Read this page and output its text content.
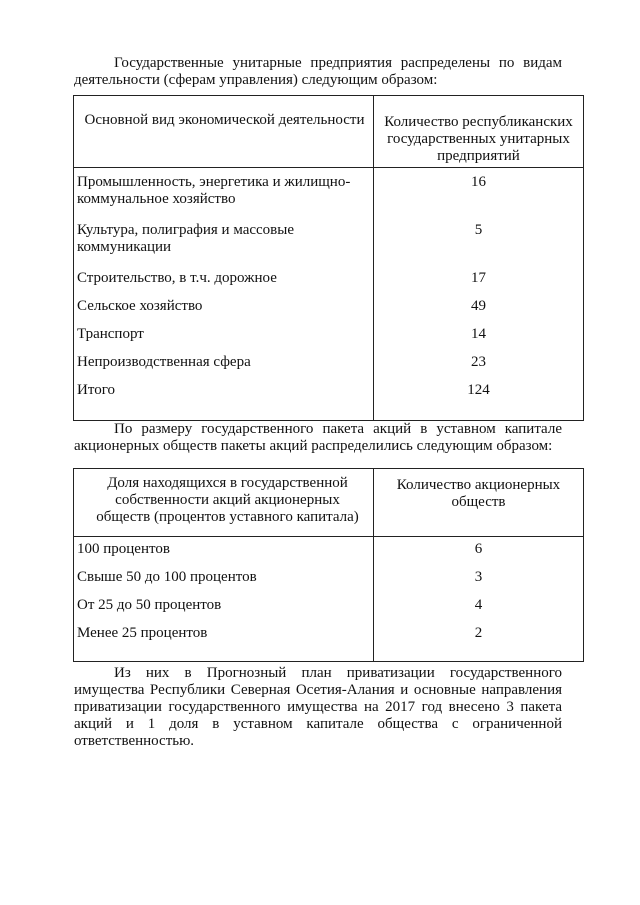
Государственные унитарные предприятия распределены по видам деятельности (сферам управления) следующим образом:

Основной вид экономической деятельности	Количество республиканских государственных унитарных предприятий

Промышленность, энергетика и жилищно-коммунальное хозяйство	16

Культура, полиграфия и массовые коммуникации	5

Строительство, в т.ч. дорожное	17

Сельское хозяйство	49

Транспорт	14

Непроизводственная сфера	23

Итого	124

По размеру государственного пакета акций в уставном капитале акционерных обществ пакеты акций распределились следующим образом:

Доля находящихся в государственной собственности акций акционерных обществ (процентов уставного капитала)	Количество акционерных обществ

100 процентов	6

Свыше 50 до 100 процентов	3

От 25 до 50 процентов	4

Менее 25 процентов	2

Из них в Прогнозный план приватизации государственного имущества Республики Северная Осетия-Алания и основные направления приватизации государственного имущества на 2017 год внесено 3 пакета акций и 1 доля в уставном капитале общества с ограниченной ответственностью.
